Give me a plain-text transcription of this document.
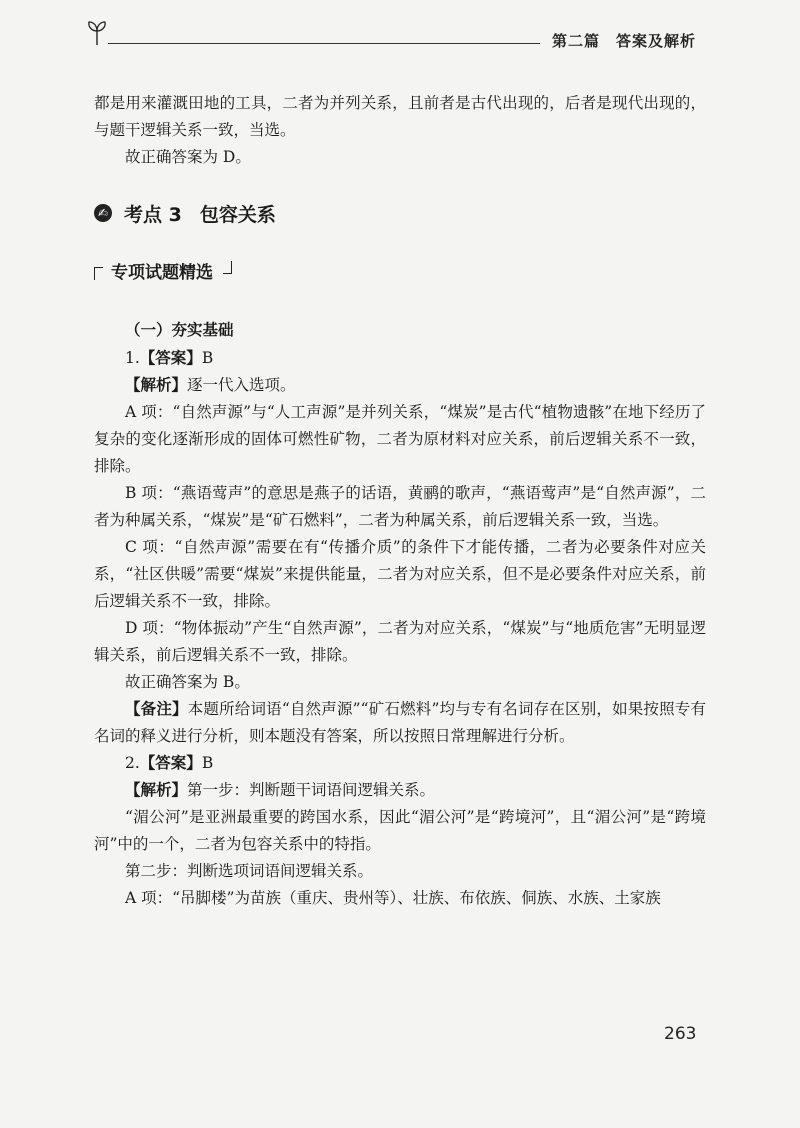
第二篇　答案及解析

都是用来灌溉田地的工具，二者为并列关系，且前者是古代出现的，后者是现代出现的，与题干逻辑关系一致，当选。

故正确答案为 D。

✍ 考点 3 包容关系
专项试题精选
（一）夯实基础

1.【答案】B

【解析】逐一代入选项。

A 项：“自然声源”与“人工声源”是并列关系，“煤炭”是古代“植物遗骸”在地下经历了复杂的变化逐渐形成的固体可燃性矿物，二者为原材料对应关系，前后逻辑关系不一致，排除。

B 项：“燕语莺声”的意思是燕子的话语，黄鹂的歌声，“燕语莺声”是“自然声源”，二者为种属关系，“煤炭”是“矿石燃料”，二者为种属关系，前后逻辑关系一致，当选。

C 项：“自然声源”需要在有“传播介质”的条件下才能传播，二者为必要条件对应关系，“社区供暖”需要“煤炭”来提供能量，二者为对应关系，但不是必要条件对应关系，前后逻辑关系不一致，排除。

D 项：“物体振动”产生“自然声源”，二者为对应关系，“煤炭”与“地质危害”无明显逻辑关系，前后逻辑关系不一致，排除。

故正确答案为 B。

【备注】本题所给词语“自然声源”“矿石燃料”均与专有名词存在区别，如果按照专有名词的释义进行分析，则本题没有答案，所以按照日常理解进行分析。

2.【答案】B

【解析】第一步：判断题干词语间逻辑关系。

“湄公河”是亚洲最重要的跨国水系，因此“湄公河”是“跨境河”，且“湄公河”是“跨境河”中的一个，二者为包容关系中的特指。

第二步：判断选项词语间逻辑关系。

A 项：“吊脚楼”为苗族（重庆、贵州等）、壮族、布依族、侗族、水族、土家族

263
